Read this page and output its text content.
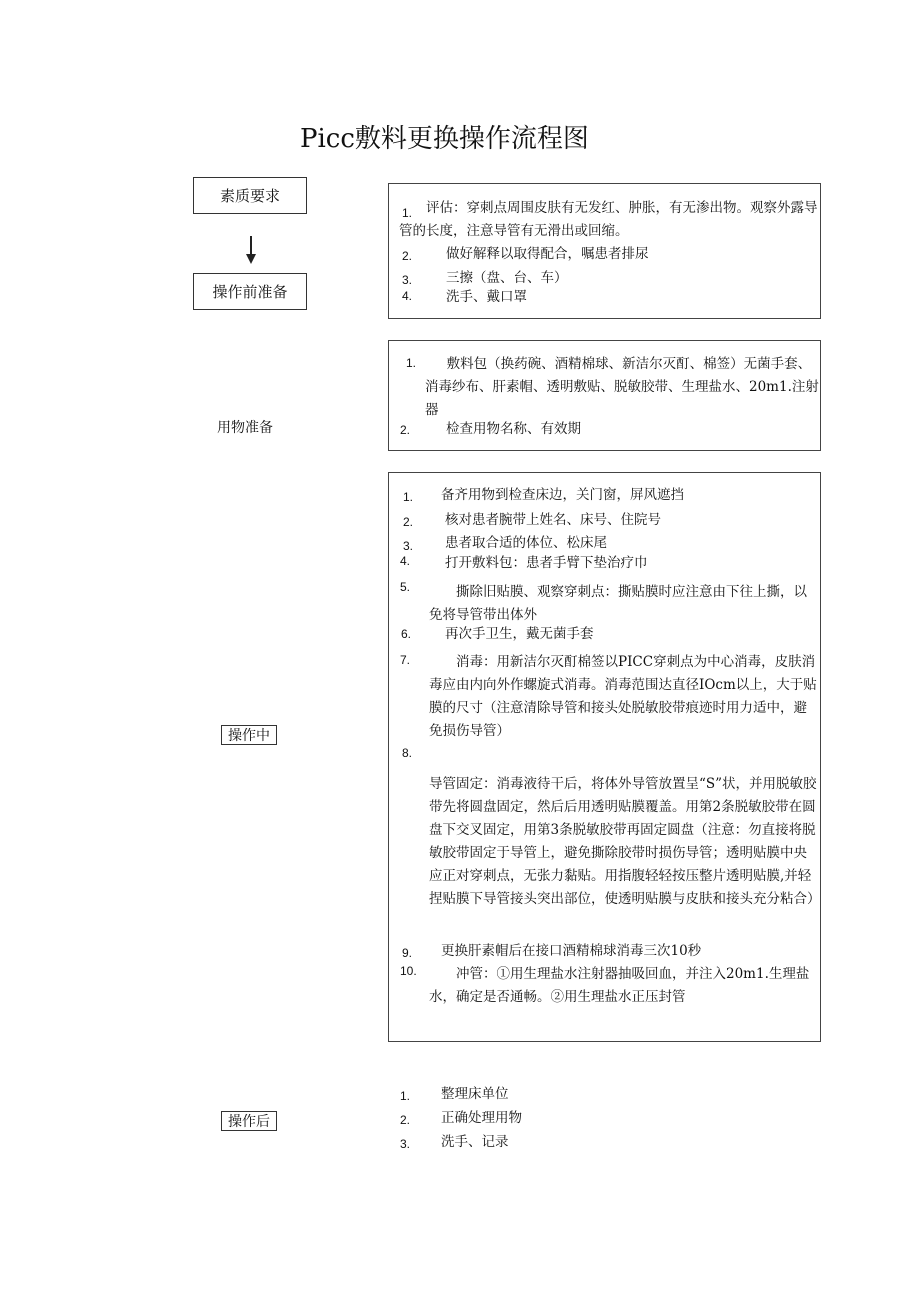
Picc敷料更换操作流程图
素质要求
操作前准备
用物准备
操作中
操作后
1.	评估：穿刺点周围皮肤有无发红、肿胀，有无渗出物。观察外露导管的长度，注意导管有无滑出或回缩。
2.	做好解释以取得配合，嘱患者排尿
3.	三擦（盘、台、车）
4.	洗手、戴口罩
1.	敷料包（换药碗、酒精棉球、新洁尔灭酊、棉签）无菌手套、消毒纱布、肝素帽、透明敷贴、脱敏胶带、生理盐水、20m1.注射器
2.	检查用物名称、有效期
1. 备齐用物到检查床边，关门窗，屏风遮挡
2. 核对患者腕带上姓名、床号、住院号
3. 患者取合适的体位、松床尾
4.	打开敷料包：患者手臂下垫治疗巾
5.	撕除旧贴膜、观察穿刺点：撕贴膜时应注意由下往上撕，以免将导管带出体外
6.	再次手卫生，戴无菌手套
7.	消毒：用新洁尔灭酊棉签以PICC穿刺点为中心消毒，皮肤消毒应由内向外作螺旋式消毒。消毒范围达直径IOcm以上，大于贴膜的尺寸（注意清除导管和接头处脱敏胶带痕迹时用力适中，避免损伤导管）
8.
导管固定：消毒液待干后，将体外导管放置呈“S”状，并用脱敏胶带先将圆盘固定，然后后用透明贴膜覆盖。用第2条脱敏胶带在圆盘下交叉固定，用第3条脱敏胶带再固定圆盘（注意：勿直接将脱敏胶带固定于导管上，避免撕除胶带时损伤导管；透明贴膜中央应正对穿刺点，无张力黏贴。用指腹轻轻按压整片透明贴膜,并轻捏贴膜下导管接头突出部位，使透明贴膜与皮肤和接头充分粘合）
9. 更换肝素帽后在接口酒精棉球消毒三次10秒
10.	冲管：①用生理盐水注射器抽吸回血，并注入20m1.生理盐水，确定是否通畅。②用生理盐水正压封管
1. 整理床单位
2. 正确处理用物
3. 洗手、记录
